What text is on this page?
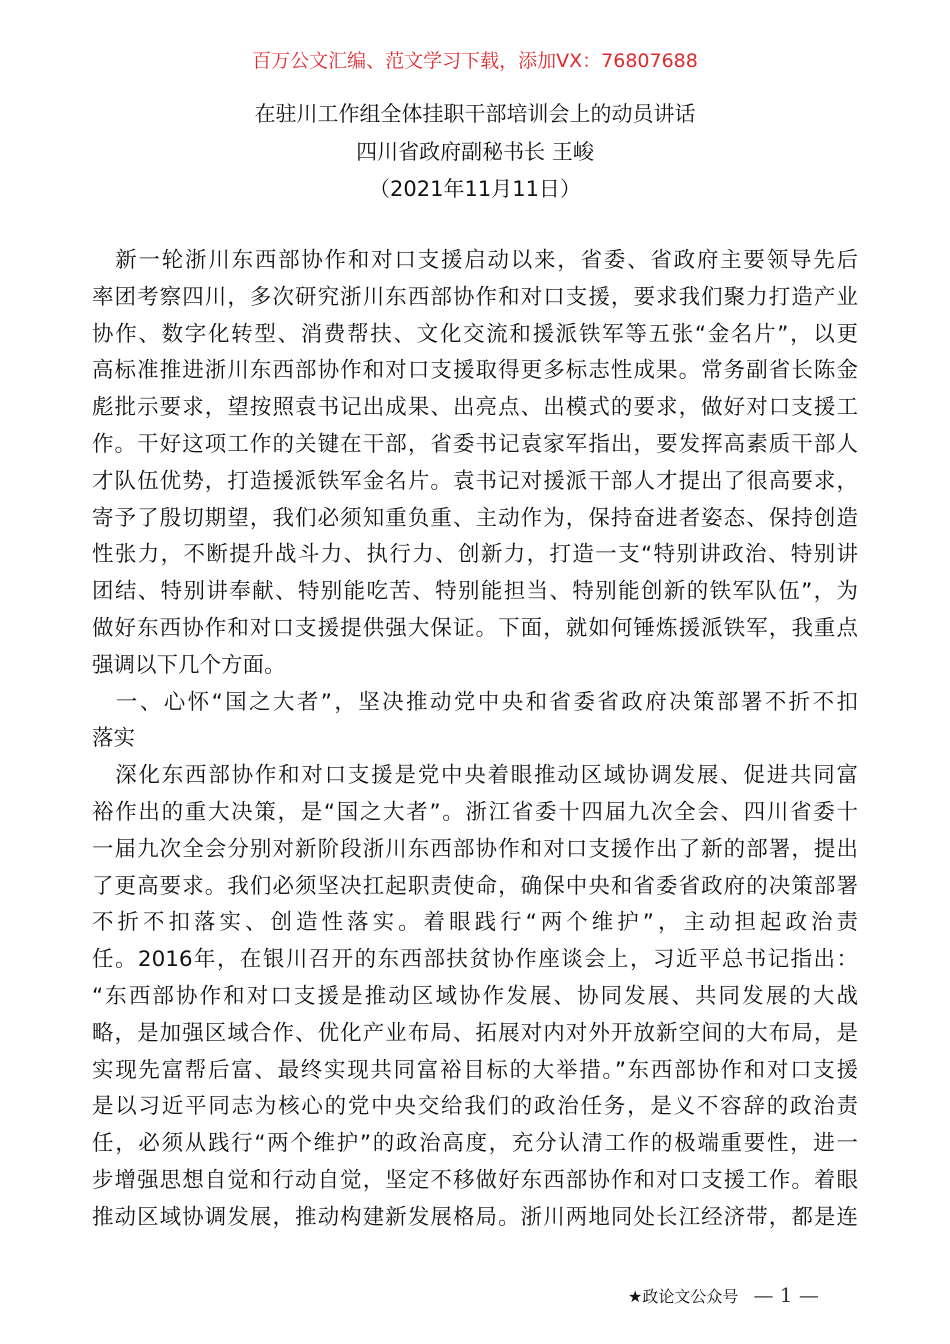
百万公文汇编、范文学习下载，添加VX：76807688
在驻川工作组全体挂职干部培训会上的动员讲话
四川省政府副秘书长 王峻
（2021年11月11日）
　新一轮浙川东西部协作和对口支援启动以来，省委、省政府主要领导先后
率团考察四川，多次研究浙川东西部协作和对口支援，要求我们聚力打造产业
协作、数字化转型、消费帮扶、文化交流和援派铁军等五张“金名片”，以更
高标准推进浙川东西部协作和对口支援取得更多标志性成果。常务副省长陈金
彪批示要求，望按照袁书记出成果、出亮点、出模式的要求，做好对口支援工
作。干好这项工作的关键在干部，省委书记袁家军指出，要发挥高素质干部人
才队伍优势，打造援派铁军金名片。袁书记对援派干部人才提出了很高要求，
寄予了殷切期望，我们必须知重负重、主动作为，保持奋进者姿态、保持创造
性张力，不断提升战斗力、执行力、创新力，打造一支“特别讲政治、特别讲
团结、特别讲奉献、特别能吃苦、特别能担当、特别能创新的铁军队伍”，为
做好东西协作和对口支援提供强大保证。下面，就如何锤炼援派铁军，我重点
强调以下几个方面。
　一、心怀“国之大者”，坚决推动党中央和省委省政府决策部署不折不扣
落实
　深化东西部协作和对口支援是党中央着眼推动区域协调发展、促进共同富
裕作出的重大决策，是“国之大者”。浙江省委十四届九次全会、四川省委十
一届九次全会分别对新阶段浙川东西部协作和对口支援作出了新的部署，提出
了更高要求。我们必须坚决扛起职责使命，确保中央和省委省政府的决策部署
不折不扣落实、创造性落实。着眼践行“两个维护”，主动担起政治责
任。2016年，在银川召开的东西部扶贫协作座谈会上，习近平总书记指出：
“东西部协作和对口支援是推动区域协作发展、协同发展、共同发展的大战
略，是加强区域合作、优化产业布局、拓展对内对外开放新空间的大布局，是
实现先富帮后富、最终实现共同富裕目标的大举措。”东西部协作和对口支援
是以习近平同志为核心的党中央交给我们的政治任务，是义不容辞的政治责
任，必须从践行“两个维护”的政治高度，充分认清工作的极端重要性，进一
步增强思想自觉和行动自觉，坚定不移做好东西部协作和对口支援工作。着眼
推动区域协调发展，推动构建新发展格局。浙川两地同处长江经济带，都是连
★政论文公众号 — 1 —
